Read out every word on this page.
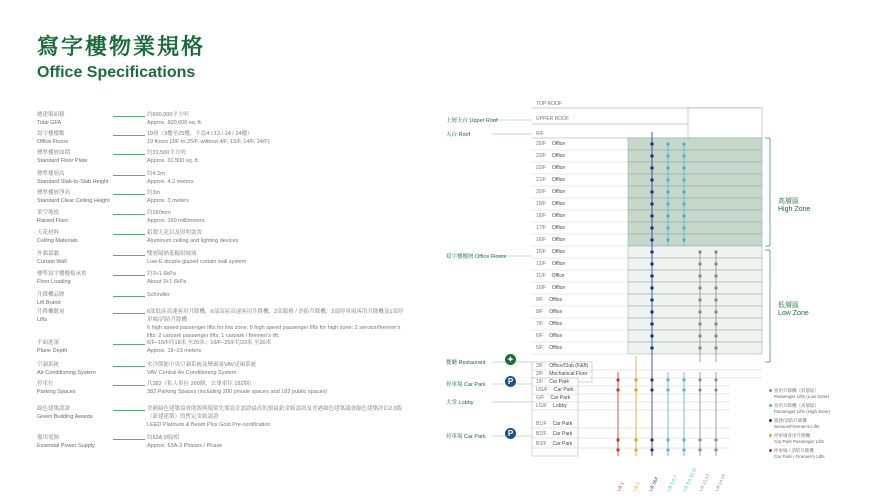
寫字樓物業規格
Office Specifications
總建築面積
Total GFA
約600,000平方呎
Approx. 600,000 sq. ft.
寫字樓樓數
Office Floors
19層（3樓至25樓，不設4 / 13 / 14 / 24樓）
19 floors (3/F to 25/F, without 4/F, 13/F, 14/F, 24/F)
標準樓層面積
Standard Floor Plate
約31,500平方呎
Approx. 31,500 sq. ft.
標準樓層高
Standard Slab-to-Slab Height
約4.2m
Approx. 4.2 meters
標準樓層淨高
Standard Clear Ceiling Height
約3m
Approx. 3 meters
架空地板
Raised Floor
約160mm
Approx. 160 millimeters
天花材料
Ceiling Materials
鋁製天花以及照明裝置
Aluminum ceiling and lighting devices
外牆幕牆
Curtain Wall
雙層隔熱低輻射玻璃
Low-E double glazed curtain wall system
標準寫字樓樓板承重
Floor Loading
約3+1.6kPa
About 3+1.6kPa
升降機品牌
Lift Brand
Schindler
升降機數量
Lifts
6部低區高速客用升降機，6部高區高速客用升降機，2部服務 / 消防升降機，2部停車場客用升降機及1部停車場/消防升降機
6 high speed passenger lifts for low zone; 6 high speed passenger lifts for high zone; 2 service/firemen’s lifts; 2 carpark passenger lifts; 1 carpark / firemen’s lift.
平面進深
Plane Depth
6/F–15/F約18米 至20米；16/F–25/F約23米 至20米
Approx. 18–23 meters
空調系統
Air Conditioning System
水冷節能中央空調系統及變風量VAV送風系統
VAV Central Air Conditioning System
停車位
Parking Spaces
共382（私人車位 200個，公眾車位 182個）
382 Parking Spaces (including 200 private spaces and 182 public spaces)
綠色建築認證
Green Building Awards
美國綠色建築協會能源與環境先導設計認證最高的預最鉑金級認證及香港綠色建築議會綠色建築評估2.0版（新建建築）的暫定金級認證
LEED Platinum & Beam Plus Gold Pre-certification
備用電源
Essential Power Supply
約63A 3相/相
Approx. 63A-3 Phases / Phase
TOP ROOF
UPPER ROOF
R/F
25/F Office
23/F Office
22/F Office
21/F Office
20/F Office
19/F Office
18/F Office
17/F Office
16/F Office
15/F Office
12/F Office
11/F Office
10/F Office
9/F Office
8/F Office
7/F Office
6/F Office
5/F Office
3/F Office/Club (F&B)
2/F Mechanical Floor
1/F Car Park
UG/F Car Park
G/F Car Park
LG/F Lobby
B1/F Car Park
B2/F Car Park
B3/F Car Park
上層天台 Upper Roof
天台 Roof
寫字樓樓層 Office Floors
餐廳 Restaurant
停車場 Car Park
大堂 Lobby
停車場 Car Park
✦
P
P
高層區
High Zone
低層區
Low Zone
Lift 1 Lift 2 Lift 3&4 Lift 5,6,7 Lift 8,9,10,11 Lift 12,13 Lift 14,15
客用升降機（低層區）
Passenger Lifts (Low Zone)
客用升降機（高層區）
Passenger Lifts (High Zone)
服務/消防升降機
Service/Firemen’s Lifts
停車場客用升降機
Car Park Passenger Lifts
停車場 / 消防升降機
Car Park / Firemen’s Lifts
